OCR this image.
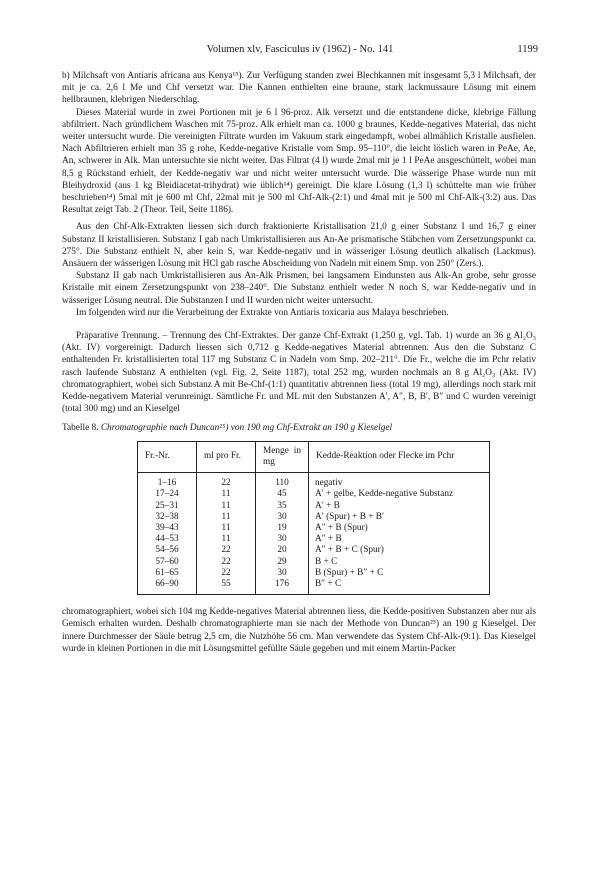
Volumen xlv, Fasciculus iv (1962) - No. 141	1199

b) Milchsaft von Antiaris africana aus Kenya¹⁵). Zur Verfügung standen zwei Blechkannen mit insgesamt 5,3 l Milchsaft, der mit je ca. 2,6 l Me und Chf versetzt war. Die Kannen enthielten eine braune, stark lackmussaure Lösung mit einem hellbraunen, klebrigen Niederschlag.

Dieses Material wurde in zwei Portionen mit je 6 l 96-proz. Alk versetzt und die entstandene dicke, klebrige Fällung abfiltriert. Nach gründlichem Waschen mit 75-proz. Alk erhielt man ca. 1000 g braunes, Kedde-negatives Material, das nicht weiter untersucht wurde. Die vereinigten Filtrate wurden im Vakuum stark eingedampft, wobei allmählich Kristalle ausfielen. Nach Abfiltrieren erhielt man 35 g rohe, Kedde-negative Kristalle vom Smp. 95–110°, die leicht löslich waren in PeAe, Ae, An, schwerer in Alk. Man untersuchte sie nicht weiter. Das Filtrat (4 l) wurde 2mal mit je 1 l PeAe ausgeschüttelt, wobei man 8,5 g Rückstand erhielt, der Kedde-negativ war und nicht weiter untersucht wurde. Die wässerige Phase wurde nun mit Bleihydroxid (aus 1 kg Bleidiacetat-trihydrat) wie üblich¹⁴) gereinigt. Die klare Lösung (1,3 l) schüttelte man wie früher beschrieben¹⁴) 5mal mit je 600 ml Chf, 22mal mit je 500 ml Chf-Alk-(2:1) und 4mal mit je 500 ml Chf-Alk-(3:2) aus. Das Resultat zeigt Tab. 2 (Theor. Teil, Seite 1186).

Aus den Chf-Alk-Extrakten liessen sich durch fraktionierte Kristallisation 21,0 g einer Substanz I und 16,7 g einer Substanz II kristallisieren. Substanz I gab nach Umkristallisieren aus An-Ae prismatische Stäbchen vom Zersetzungspunkt ca. 275°. Die Substanz enthielt N, aber kein S, war Kedde-negativ und in wässeriger Lösung deutlich alkalisch (Lackmus). Ansäuern der wässerigen Lösung mit HCl gab rasche Abscheidung von Nadeln mit einem Smp. von 250° (Zers.).

Substanz II gab nach Umkristallisieren aus An-Alk Prismen, bei langsamem Eindunsten aus Alk-An grobe, sehr grosse Kristalle mit einem Zersetzungspunkt von 238–240°. Die Substanz enthielt weder N noch S, war Kedde-negativ und in wässeriger Lösung neutral. Die Substanzen I und II wurden nicht weiter untersucht.

Im folgenden wird nur die Verarbeitung der Extrakte von Antiaris toxicaria aus Malaya beschrieben.

Präparative Trennung. – Trennung des Chf-Extraktes. Der ganze Chf-Extrakt (1,250 g, vgl. Tab. 1) wurde an 36 g Al₂O₃ (Akt. IV) vorgereinigt. Dadurch liessen sich 0,712 g Kedde-negatives Material abtrennen. Aus den die Substanz C enthaltenden Fr. kristallisierten total 117 mg Substanz C in Nadeln vom Smp. 202–211°. Die Fr., welche die im Pchr relativ rasch laufende Substanz A enthielten (vgl. Fig. 2, Seite 1187), total 252 mg, wurden nochmals an 8 g Al₂O₃ (Akt. IV) chromatographiert, wobei sich Substanz A mit Be-Chf-(1:1) quantitativ abtrennen liess (total 19 mg), allerdings noch stark mit Kedde-negativem Material verunreinigt. Sämtliche Fr. und ML mit den Substanzen A′, A″, B, B′, B″ und C wurden vereinigt (total 300 mg) und an Kieselgel

Tabelle 8. Chromatographie nach Duncan²⁵) von 190 mg Chf-Extrakt an 190 g Kieselgel

Fr.-Nr.	ml pro Fr.	Menge in mg	Kedde-Reaktion oder Flecke im Pchr
1–16	22	110	negativ
17–24	11	45	A′ + gelbe, Kedde-negative Substanz
25–31	11	35	A′ + B
32–38	11	30	A′ (Spur) + B + B′
39–43	11	19	A″ + B (Spur)
44–53	11	30	A″ + B
54–56	22	20	A″ + B + C (Spur)
57–60	22	29	B + C
61–65	22	30	B (Spur) + B″ + C
66–90	55	176	B″ + C

chromatographiert, wobei sich 104 mg Kedde-negatives Material abtrennen liess, die Kedde-positiven Substanzen aber nur als Gemisch erhalten wurden. Deshalb chromatographierte man sie nach der Methode von Duncan²⁵) an 190 g Kieselgel. Der innere Durchmesser der Säule betrug 2,5 cm, die Nutzhöhe 56 cm. Man verwendete das System Chf-Alk-(9:1). Das Kieselgel wurde in kleinen Portionen in die mit Lösungsmittel gefüllte Säule gegeben und mit einem Martin-Packer
